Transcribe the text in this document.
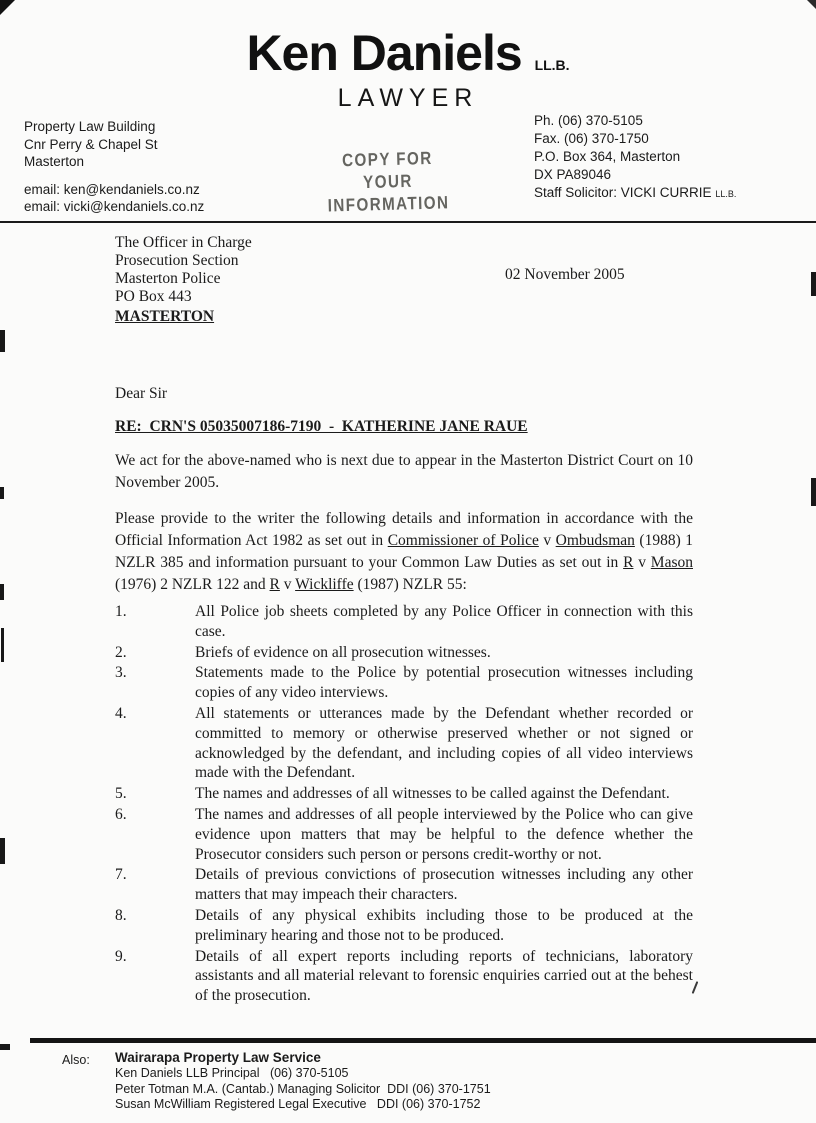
Ken Daniels LL.B.
LAWYER
Property Law Building
Cnr Perry & Chapel St
Masterton
email: ken@kendaniels.co.nz
email: vicki@kendaniels.co.nz
COPY FOR YOUR
INFORMATION
Ph. (06) 370-5105
Fax. (06) 370-1750
P.O. Box 364, Masterton
DX PA89046
Staff Solicitor: VICKI CURRIE LL.B.
The Officer in Charge
Prosecution Section
Masterton Police
PO Box 443
MASTERTON
02 November 2005
Dear Sir
RE:  CRN'S 05035007186-7190  -  KATHERINE JANE RAUE
We act for the above-named who is next due to appear in the Masterton District Court on 10 November 2005.
Please provide to the writer the following details and information in accordance with the Official Information Act 1982 as set out in Commissioner of Police v Ombudsman (1988) 1 NZLR 385 and information pursuant to your Common Law Duties as set out in R v Mason (1976) 2 NZLR 122 and R v Wickliffe (1987) NZLR 55:
1.	All Police job sheets completed by any Police Officer in connection with this case.
2.	Briefs of evidence on all prosecution witnesses.
3.	Statements made to the Police by potential prosecution witnesses including copies of any video interviews.
4.	All statements or utterances made by the Defendant whether recorded or committed to memory or otherwise preserved whether or not signed or acknowledged by the defendant, and including copies of all video interviews made with the Defendant.
5.	The names and addresses of all witnesses to be called against the Defendant.
6.	The names and addresses of all people interviewed by the Police who can give evidence upon matters that may be helpful to the defence whether the Prosecutor considers such person or persons credit-worthy or not.
7.	Details of previous convictions of prosecution witnesses including any other matters that may impeach their characters.
8.	Details of any physical exhibits including those to be produced at the preliminary hearing and those not to be produced.
9.	Details of all expert reports including reports of technicians, laboratory assistants and all material relevant to forensic enquiries carried out at the behest of the prosecution.
Also: Wairarapa Property Law Service
Ken Daniels LLB Principal   (06) 370-5105
Peter Totman M.A. (Cantab.) Managing Solicitor  DDI (06) 370-1751
Susan McWilliam Registered Legal Executive   DDI (06) 370-1752
